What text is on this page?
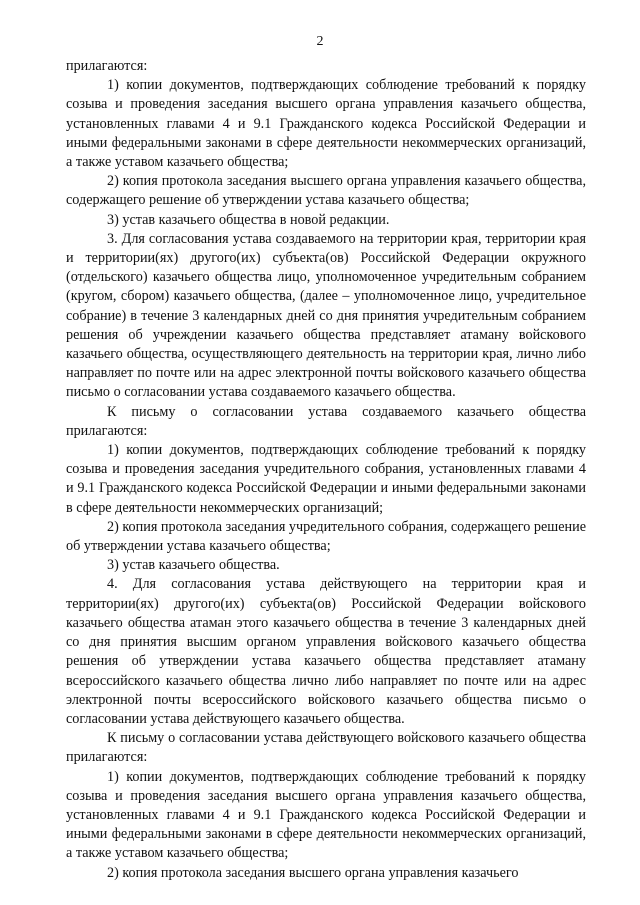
2

прилагаются:

1) копии документов, подтверждающих соблюдение требований к порядку созыва и проведения заседания высшего органа управления казачьего общества, установленных главами 4 и 9.1 Гражданского кодекса Российской Федерации и иными федеральными законами в сфере деятельности некоммерческих организаций, а также уставом казачьего общества;

2) копия протокола заседания высшего органа управления казачьего общества, содержащего решение об утверждении устава казачьего общества;

3) устав казачьего общества в новой редакции.

3. Для согласования устава создаваемого на территории края, территории края и территории(ях) другого(их) субъекта(ов) Российской Федерации окружного (отдельского) казачьего общества лицо, уполномоченное учредительным собранием (кругом, сбором) казачьего общества, (далее – уполномоченное лицо, учредительное собрание) в течение 3 календарных дней со дня принятия учредительным собранием решения об учреждении казачьего общества представляет атаману войскового казачьего общества, осуществляющего деятельность на территории края, лично либо направляет по почте или на адрес электронной почты войскового казачьего общества письмо о согласовании устава создаваемого казачьего общества.

К письму о согласовании устава создаваемого казачьего общества прилагаются:

1) копии документов, подтверждающих соблюдение требований к порядку созыва и проведения заседания учредительного собрания, установленных главами 4 и 9.1 Гражданского кодекса Российской Федерации и иными федеральными законами в сфере деятельности некоммерческих организаций;

2) копия протокола заседания учредительного собрания, содержащего решение об утверждении устава казачьего общества;

3) устав казачьего общества.

4. Для согласования устава действующего на территории края и территории(ях) другого(их) субъекта(ов) Российской Федерации войскового казачьего общества атаман этого казачьего общества в течение 3 календарных дней со дня принятия высшим органом управления войскового казачьего общества решения об утверждении устава казачьего общества представляет атаману всероссийского казачьего общества лично либо направляет по почте или на адрес электронной почты всероссийского войскового казачьего общества письмо о согласовании устава действующего казачьего общества.

К письму о согласовании устава действующего войскового казачьего общества прилагаются:

1) копии документов, подтверждающих соблюдение требований к порядку созыва и проведения заседания высшего органа управления казачьего общества, установленных главами 4 и 9.1 Гражданского кодекса Российской Федерации и иными федеральными законами в сфере деятельности некоммерческих организаций, а также уставом казачьего общества;

2) копия протокола заседания высшего органа управления казачьего
